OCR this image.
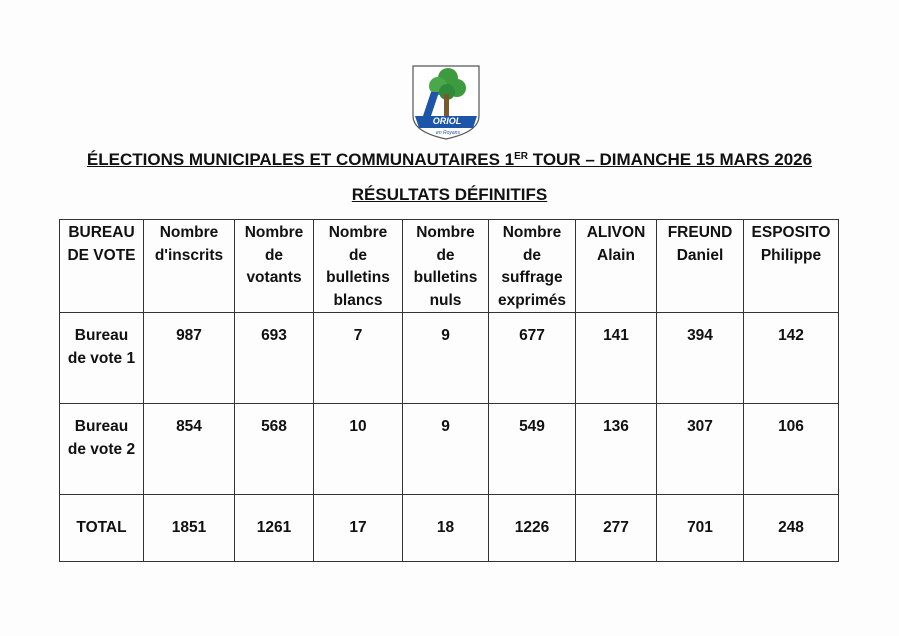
ORIOL
en Royans
ÉLECTIONS MUNICIPALES ET COMMUNAUTAIRES 1ER TOUR – DIMANCHE 15 MARS 2026
RÉSULTATS DÉFINITIFS
BUREAU
DE VOTE	Nombre
d'inscrits	Nombre
de
votants	Nombre
de
bulletins
blancs	Nombre
de
bulletins
nuls	Nombre
de
suffrage
exprimés	ALIVON
Alain	FREUND
Daniel	ESPOSITO
Philippe
Bureau
de vote 1	987	693	7	9	677	141	394	142
Bureau
de vote 2	854	568	10	9	549	136	307	106
TOTAL	1851	1261	17	18	1226	277	701	248
